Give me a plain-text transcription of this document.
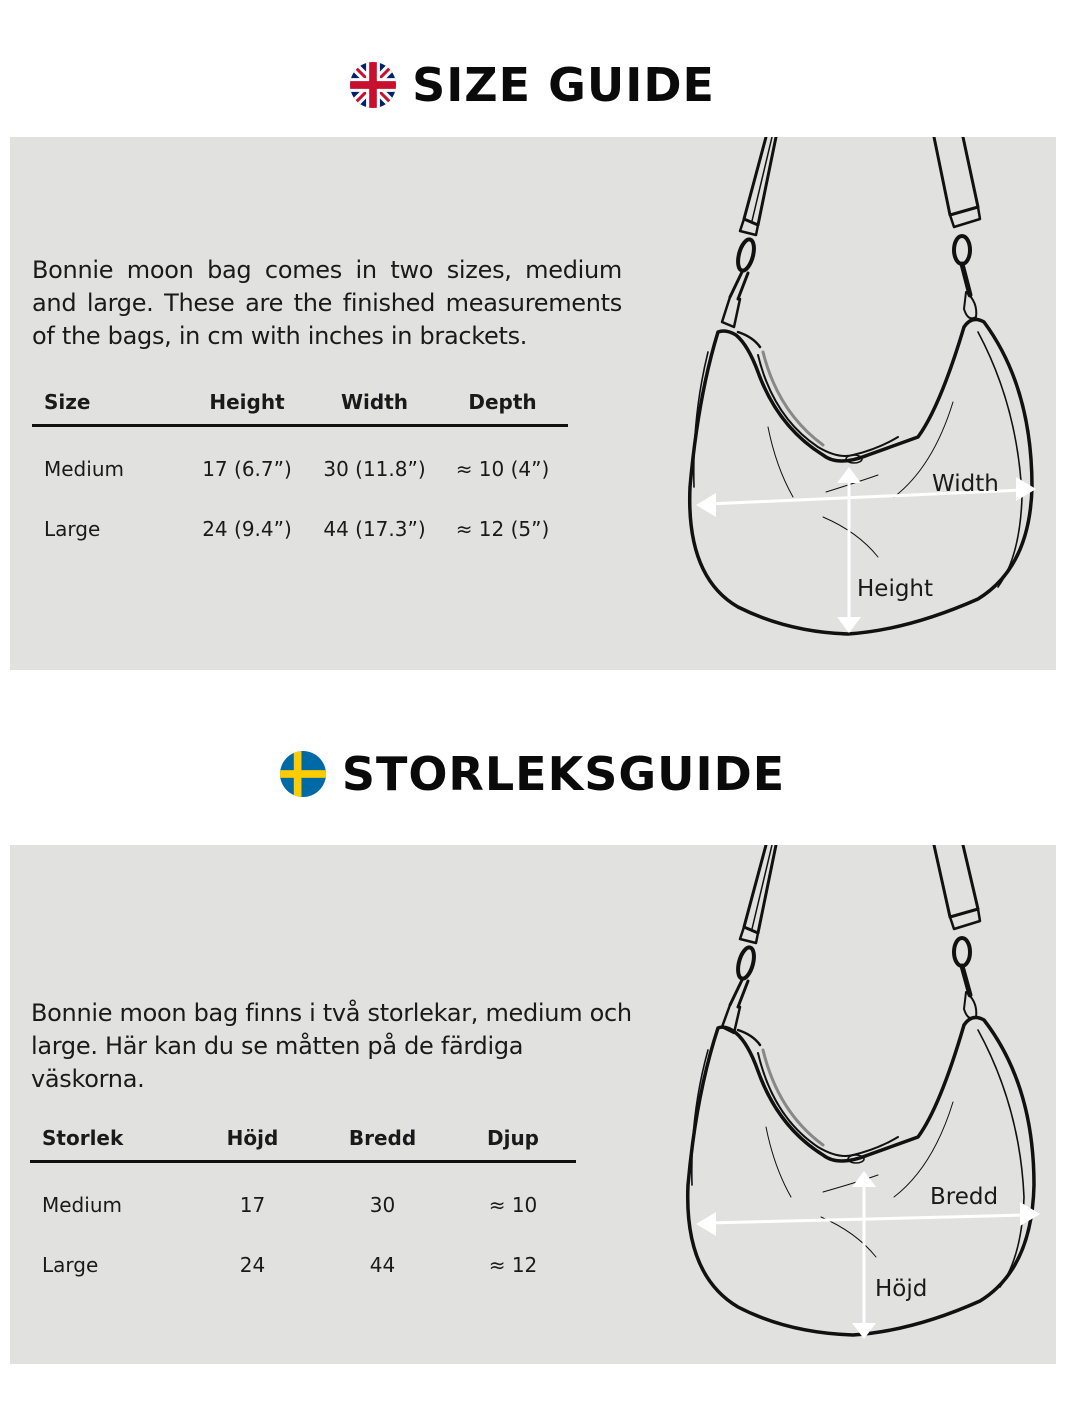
SIZE GUIDE

Bonnie moon bag comes in two sizes, medium and large. These are the finished measurements of the bags, in cm with inches in brackets.

Size	Height	Width	Depth
Medium	17 (6.7”)	30 (11.8”)	≈ 10 (4”)
Large	24 (9.4”)	44 (17.3”)	≈ 12 (5”)
Width
Height
STORLEKSGUIDE

Bonnie moon bag finns i två storlekar, medium och large. Här kan du se måtten på de färdiga väskorna.

Storlek	Höjd	Bredd	Djup
Medium	17	30	≈ 10
Large	24	44	≈ 12
Bredd
Höjd
